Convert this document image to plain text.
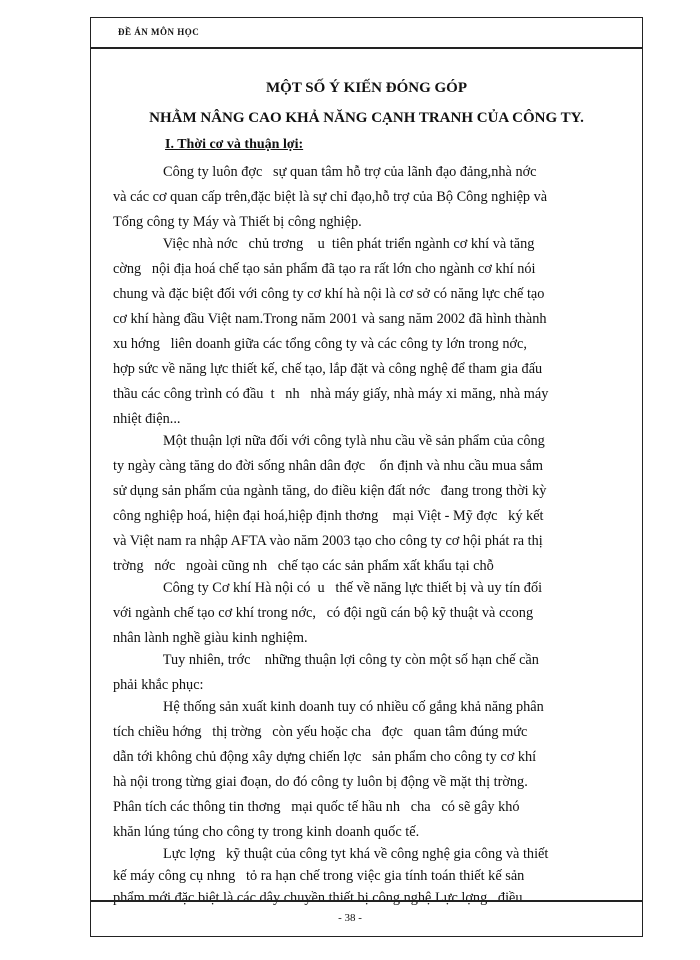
ĐỀ ÁN MÔN HỌC
MỘT SỐ Ý KIẾN ĐÓNG GÓP
NHẰM NÂNG CAO KHẢ NĂNG CẠNH TRANH CỦA CÔNG TY.
I. Thời cơ và thuận lợi:
Công ty luôn đợc   sự quan tâm hỗ trợ của lãnh đạo đảng,nhà nớc
và các cơ quan cấp trên,đặc biệt là sự chỉ đạo,hỗ trợ của Bộ Công nghiệp và
Tổng công ty Máy và Thiết bị công nghiệp.
Việc nhà nớc   chủ trơng    u  tiên phát triển ngành cơ khí và tăng
cờng   nội địa hoá chế tạo sản phẩm đã tạo ra rất lớn cho ngành cơ khí nói
chung và đặc biệt đối với công ty cơ khí hà nội là cơ sở có năng lực chế tạo
cơ khí hàng đầu Việt nam.Trong năm 2001 và sang năm 2002 đã hình thành
xu hớng   liên doanh giữa các tổng công ty và các công ty lớn trong nớc,
hợp sức về năng lực thiết kế, chế tạo, lắp đặt và công nghệ để tham gia đấu
thầu các công trình có đầu  t   nh   nhà máy giấy, nhà máy xi măng, nhà máy
nhiệt điện...
Một thuận lợi nữa đối với công tylà nhu cầu về sản phẩm của công
ty ngày càng tăng do đời sống nhân dân đợc    ổn định và nhu cầu mua sắm
sử dụng sản phẩm của ngành tăng, do điều kiện đất nớc   đang trong thời kỳ
công nghiệp hoá, hiện đại hoá,hiệp định thơng    mại Việt - Mỹ đợc   ký kết
và Việt nam ra nhập AFTA vào năm 2003 tạo cho công ty cơ hội phát ra thị
trờng   nớc   ngoài cũng nh   chế tạo các sản phẩm xất khẩu tại chỗ
Công ty Cơ khí Hà nội có  u   thế về năng lực thiết bị và uy tín đối
với ngành chế tạo cơ khí trong nớc,   có đội ngũ cán bộ kỹ thuật và ccong
nhân lành nghề giàu kinh nghiệm.
Tuy nhiên, trớc    những thuận lợi công ty còn một số hạn chế cần
phải khắc phục:
Hệ thống sản xuất kinh doanh tuy có nhiều cố gắng khả năng phân
tích chiều hớng   thị trờng   còn yếu hoặc cha   đợc   quan tâm đúng mức
dẫn tới không chủ động xây dựng chiến lợc   sản phẩm cho công ty cơ khí
hà nội trong từng giai đoạn, do đó công ty luôn bị động về mặt thị trờng.
Phân tích các thông tin thơng   mại quốc tế hầu nh   cha   có sẽ gây khó
khăn lúng túng cho công ty trong kinh doanh quốc tế.
Lực lợng   kỹ thuật của công tyt khá về công nghệ gia công và thiết
kế máy công cụ nhng   tỏ ra hạn chế trong việc gia tính toán thiết kế sản
phẩm mới đặc biệt là các dây chuyền thiết bị công nghệ.Lực lợng   điều
- 38 -
